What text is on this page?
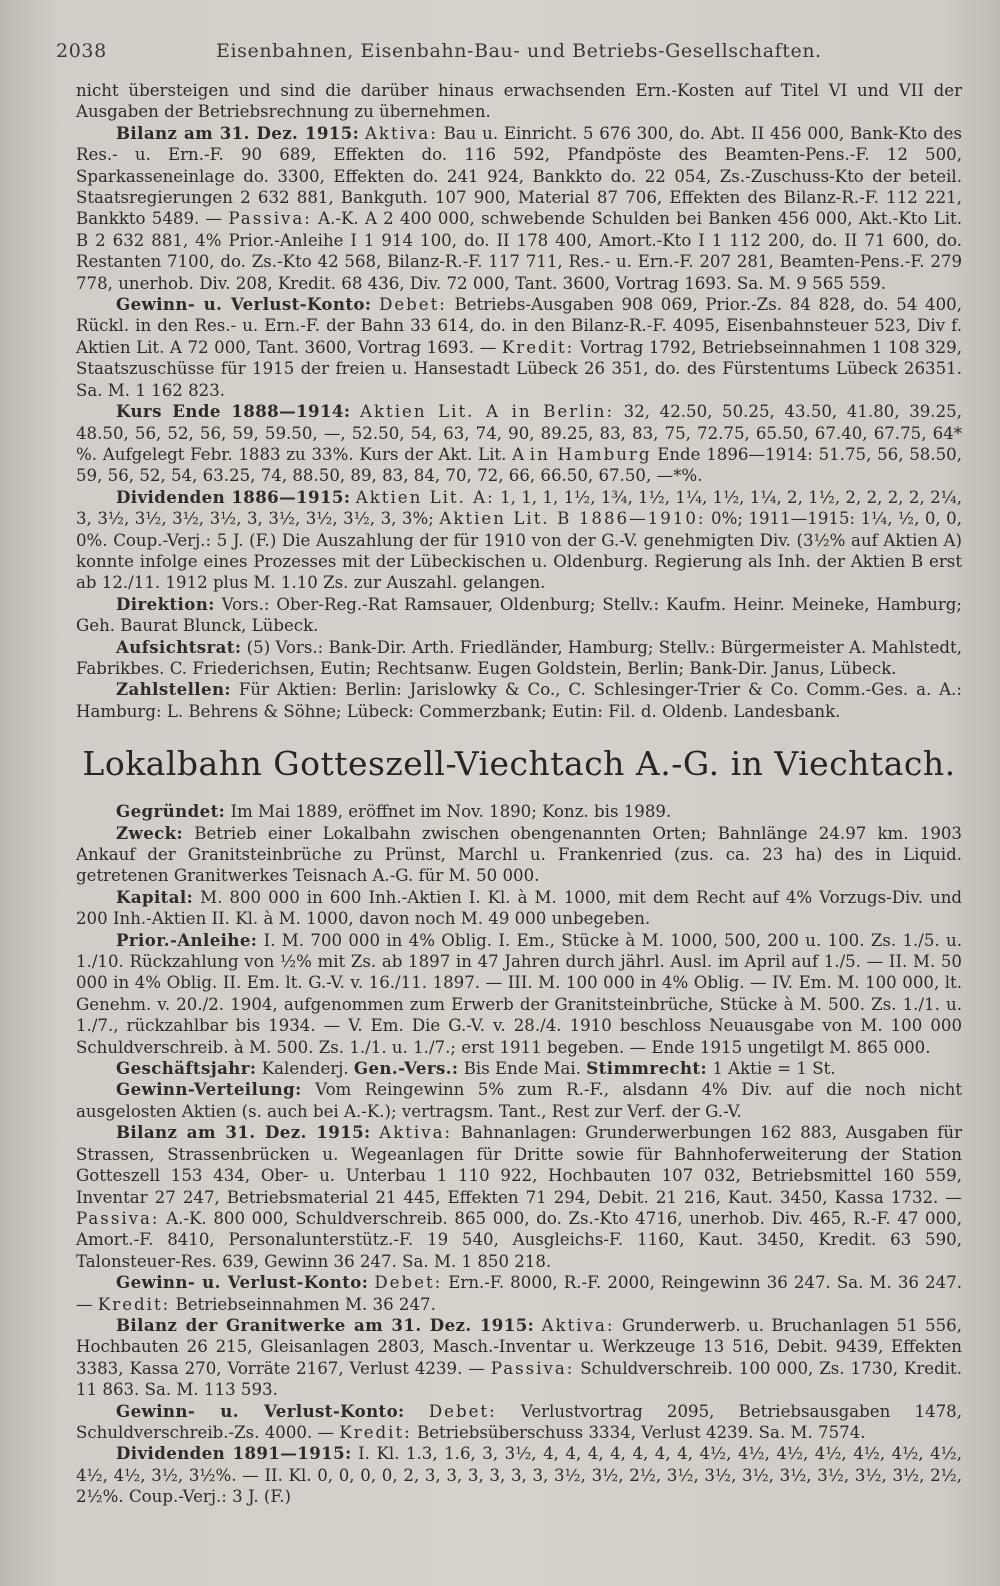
2038	Eisenbahnen, Eisenbahn-Bau- und Betriebs-Gesellschaften.

nicht übersteigen und sind die darüber hinaus erwachsenden Ern.-Kosten auf Titel VI und VII der Ausgaben der Betriebsrechnung zu übernehmen.

Bilanz am 31. Dez. 1915: Aktiva: Bau u. Einricht. 5 676 300, do. Abt. II 456 000, Bank-Kto des Res.- u. Ern.-F. 90 689, Effekten do. 116 592, Pfandpöste des Beamten-Pens.-F. 12 500, Sparkasseneinlage do. 3300, Effekten do. 241 924, Bankkto do. 22 054, Zs.-Zuschuss-Kto der beteil. Staatsregierungen 2 632 881, Bankguth. 107 900, Material 87 706, Effekten des Bilanz-R.-F. 112 221, Bankkto 5489. — Passiva: A.-K. A 2 400 000, schwebende Schulden bei Banken 456 000, Akt.-Kto Lit. B 2 632 881, 4% Prior.-Anleihe I 1 914 100, do. II 178 400, Amort.-Kto I 1 112 200, do. II 71 600, do. Restanten 7100, do. Zs.-Kto 42 568, Bilanz-R.-F. 117 711, Res.- u. Ern.-F. 207 281, Beamten-Pens.-F. 279 778, unerhob. Div. 208, Kredit. 68 436, Div. 72 000, Tant. 3600, Vortrag 1693. Sa. M. 9 565 559.

Gewinn- u. Verlust-Konto: Debet: Betriebs-Ausgaben 908 069, Prior.-Zs. 84 828, do. 54 400, Rückl. in den Res.- u. Ern.-F. der Bahn 33 614, do. in den Bilanz-R.-F. 4095, Eisenbahnsteuer 523, Div f. Aktien Lit. A 72 000, Tant. 3600, Vortrag 1693. — Kredit: Vortrag 1792, Betriebseinnahmen 1 108 329, Staatszuschüsse für 1915 der freien u. Hansestadt Lübeck 26 351, do. des Fürstentums Lübeck 26351. Sa. M. 1 162 823.

Kurs Ende 1888—1914: Aktien Lit. A in Berlin: 32, 42.50, 50.25, 43.50, 41.80, 39.25, 48.50, 56, 52, 56, 59, 59.50, —, 52.50, 54, 63, 74, 90, 89.25, 83, 83, 75, 72.75, 65.50, 67.40, 67.75, 64* %. Aufgelegt Febr. 1883 zu 33%. Kurs der Akt. Lit. A in Hamburg Ende 1896—1914: 51.75, 56, 58.50, 59, 56, 52, 54, 63.25, 74, 88.50, 89, 83, 84, 70, 72, 66, 66.50, 67.50, —*%.

Dividenden 1886—1915: Aktien Lit. A: 1, 1, 1, 1½, 1¾, 1½, 1¼, 1½, 1¼, 2, 1½, 2, 2, 2, 2, 2¼, 3, 3½, 3½, 3½, 3½, 3, 3½, 3½, 3½, 3, 3%; Aktien Lit. B 1886—1910: 0%; 1911—1915: 1¼, ½, 0, 0, 0%. Coup.-Verj.: 5 J. (F.) Die Auszahlung der für 1910 von der G.-V. genehmigten Div. (3½% auf Aktien A) konnte infolge eines Prozesses mit der Lübeckischen u. Oldenburg. Regierung als Inh. der Aktien B erst ab 12./11. 1912 plus M. 1.10 Zs. zur Auszahl. gelangen.

Direktion: Vors.: Ober-Reg.-Rat Ramsauer, Oldenburg; Stellv.: Kaufm. Heinr. Meineke, Hamburg; Geh. Baurat Blunck, Lübeck.

Aufsichtsrat: (5) Vors.: Bank-Dir. Arth. Friedländer, Hamburg; Stellv.: Bürgermeister A. Mahlstedt, Fabrikbes. C. Friederichsen, Eutin; Rechtsanw. Eugen Goldstein, Berlin; Bank-Dir. Janus, Lübeck.

Zahlstellen: Für Aktien: Berlin: Jarislowky & Co., C. Schlesinger-Trier & Co. Comm.-Ges. a. A.: Hamburg: L. Behrens & Söhne; Lübeck: Commerzbank; Eutin: Fil. d. Oldenb. Landesbank.

Lokalbahn Gotteszell-Viechtach A.-G. in Viechtach.

Gegründet: Im Mai 1889, eröffnet im Nov. 1890; Konz. bis 1989.

Zweck: Betrieb einer Lokalbahn zwischen obengenannten Orten; Bahnlänge 24.97 km. 1903 Ankauf der Granitsteinbrüche zu Prünst, Marchl u. Frankenried (zus. ca. 23 ha) des in Liquid. getretenen Granitwerkes Teisnach A.-G. für M. 50 000.

Kapital: M. 800 000 in 600 Inh.-Aktien I. Kl. à M. 1000, mit dem Recht auf 4% Vorzugs-Div. und 200 Inh.-Aktien II. Kl. à M. 1000, davon noch M. 49 000 unbegeben.

Prior.-Anleihe: I. M. 700 000 in 4% Oblig. I. Em., Stücke à M. 1000, 500, 200 u. 100. Zs. 1./5. u. 1./10. Rückzahlung von ½% mit Zs. ab 1897 in 47 Jahren durch jährl. Ausl. im April auf 1./5. — II. M. 50 000 in 4% Oblig. II. Em. lt. G.-V. v. 16./11. 1897. — III. M. 100 000 in 4% Oblig. — IV. Em. M. 100 000, lt. Genehm. v. 20./2. 1904, aufgenommen zum Erwerb der Granitsteinbrüche, Stücke à M. 500. Zs. 1./1. u. 1./7., rückzahlbar bis 1934. — V. Em. Die G.-V. v. 28./4. 1910 beschloss Neuausgabe von M. 100 000 Schuldverschreib. à M. 500. Zs. 1./1. u. 1./7.; erst 1911 begeben. — Ende 1915 ungetilgt M. 865 000.

Geschäftsjahr: Kalenderj. Gen.-Vers.: Bis Ende Mai. Stimmrecht: 1 Aktie = 1 St.

Gewinn-Verteilung: Vom Reingewinn 5% zum R.-F., alsdann 4% Div. auf die noch nicht ausgelosten Aktien (s. auch bei A.-K.); vertragsm. Tant., Rest zur Verf. der G.-V.

Bilanz am 31. Dez. 1915: Aktiva: Bahnanlagen: Grunderwerbungen 162 883, Ausgaben für Strassen, Strassenbrücken u. Wegeanlagen für Dritte sowie für Bahnhoferweiterung der Station Gotteszell 153 434, Ober- u. Unterbau 1 110 922, Hochbauten 107 032, Betriebsmittel 160 559, Inventar 27 247, Betriebsmaterial 21 445, Effekten 71 294, Debit. 21 216, Kaut. 3450, Kassa 1732. — Passiva: A.-K. 800 000, Schuldverschreib. 865 000, do. Zs.-Kto 4716, unerhob. Div. 465, R.-F. 47 000, Amort.-F. 8410, Personalunterstütz.-F. 19 540, Ausgleichs-F. 1160, Kaut. 3450, Kredit. 63 590, Talonsteuer-Res. 639, Gewinn 36 247. Sa. M. 1 850 218.

Gewinn- u. Verlust-Konto: Debet: Ern.-F. 8000, R.-F. 2000, Reingewinn 36 247. Sa. M. 36 247. — Kredit: Betriebseinnahmen M. 36 247.

Bilanz der Granitwerke am 31. Dez. 1915: Aktiva: Grunderwerb. u. Bruchanlagen 51 556, Hochbauten 26 215, Gleisanlagen 2803, Masch.-Inventar u. Werkzeuge 13 516, Debit. 9439, Effekten 3383, Kassa 270, Vorräte 2167, Verlust 4239. — Passiva: Schuldverschreib. 100 000, Zs. 1730, Kredit. 11 863. Sa. M. 113 593.

Gewinn- u. Verlust-Konto: Debet: Verlustvortrag 2095, Betriebsausgaben 1478, Schuldverschreib.-Zs. 4000. — Kredit: Betriebsüberschuss 3334, Verlust 4239. Sa. M. 7574.

Dividenden 1891—1915: I. Kl. 1.3, 1.6, 3, 3½, 4, 4, 4, 4, 4, 4, 4, 4½, 4½, 4½, 4½, 4½, 4½, 4½, 4½, 4½, 3½, 3½%. — II. Kl. 0, 0, 0, 0, 2, 3, 3, 3, 3, 3, 3, 3½, 3½, 2½, 3½, 3½, 3½, 3½, 3½, 3½, 3½, 2½, 2½%. Coup.-Verj.: 3 J. (F.)
